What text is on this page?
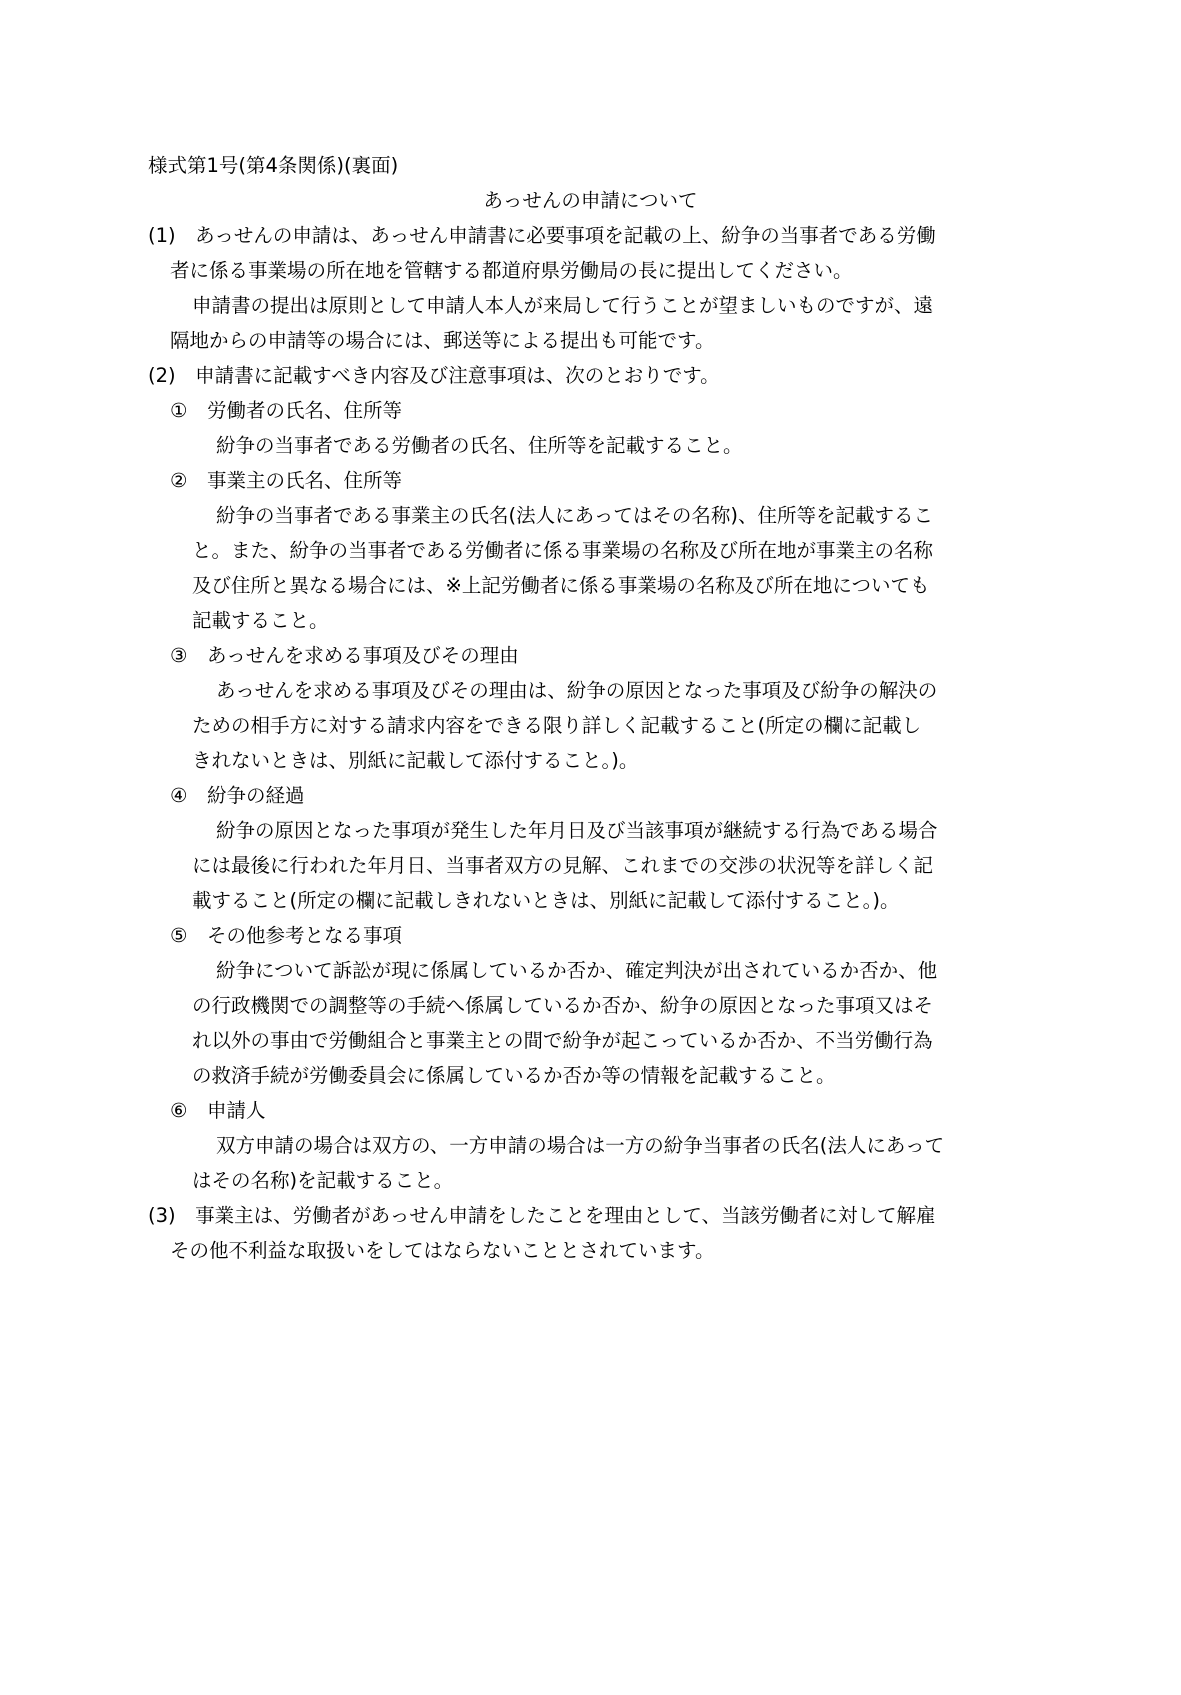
様式第1号(第4条関係)(裏面)
あっせんの申請について
(1)　あっせんの申請は、あっせん申請書に必要事項を記載の上、紛争の当事者である労働
者に係る事業場の所在地を管轄する都道府県労働局の長に提出してください。
申請書の提出は原則として申請人本人が来局して行うことが望ましいものですが、遠
隔地からの申請等の場合には、郵送等による提出も可能です。
(2)　申請書に記載すべき内容及び注意事項は、次のとおりです。
①　労働者の氏名、住所等
紛争の当事者である労働者の氏名、住所等を記載すること。
②　事業主の氏名、住所等
紛争の当事者である事業主の氏名(法人にあってはその名称)、住所等を記載するこ
と。また、紛争の当事者である労働者に係る事業場の名称及び所在地が事業主の名称
及び住所と異なる場合には、※上記労働者に係る事業場の名称及び所在地についても
記載すること。
③　あっせんを求める事項及びその理由
あっせんを求める事項及びその理由は、紛争の原因となった事項及び紛争の解決の
ための相手方に対する請求内容をできる限り詳しく記載すること(所定の欄に記載し
きれないときは、別紙に記載して添付すること。)。
④　紛争の経過
紛争の原因となった事項が発生した年月日及び当該事項が継続する行為である場合
には最後に行われた年月日、当事者双方の見解、これまでの交渉の状況等を詳しく記
載すること(所定の欄に記載しきれないときは、別紙に記載して添付すること。)。
⑤　その他参考となる事項
紛争について訴訟が現に係属しているか否か、確定判決が出されているか否か、他
の行政機関での調整等の手続へ係属しているか否か、紛争の原因となった事項又はそ
れ以外の事由で労働組合と事業主との間で紛争が起こっているか否か、不当労働行為
の救済手続が労働委員会に係属しているか否か等の情報を記載すること。
⑥　申請人
双方申請の場合は双方の、一方申請の場合は一方の紛争当事者の氏名(法人にあって
はその名称)を記載すること。
(3)　事業主は、労働者があっせん申請をしたことを理由として、当該労働者に対して解雇
その他不利益な取扱いをしてはならないこととされています。
